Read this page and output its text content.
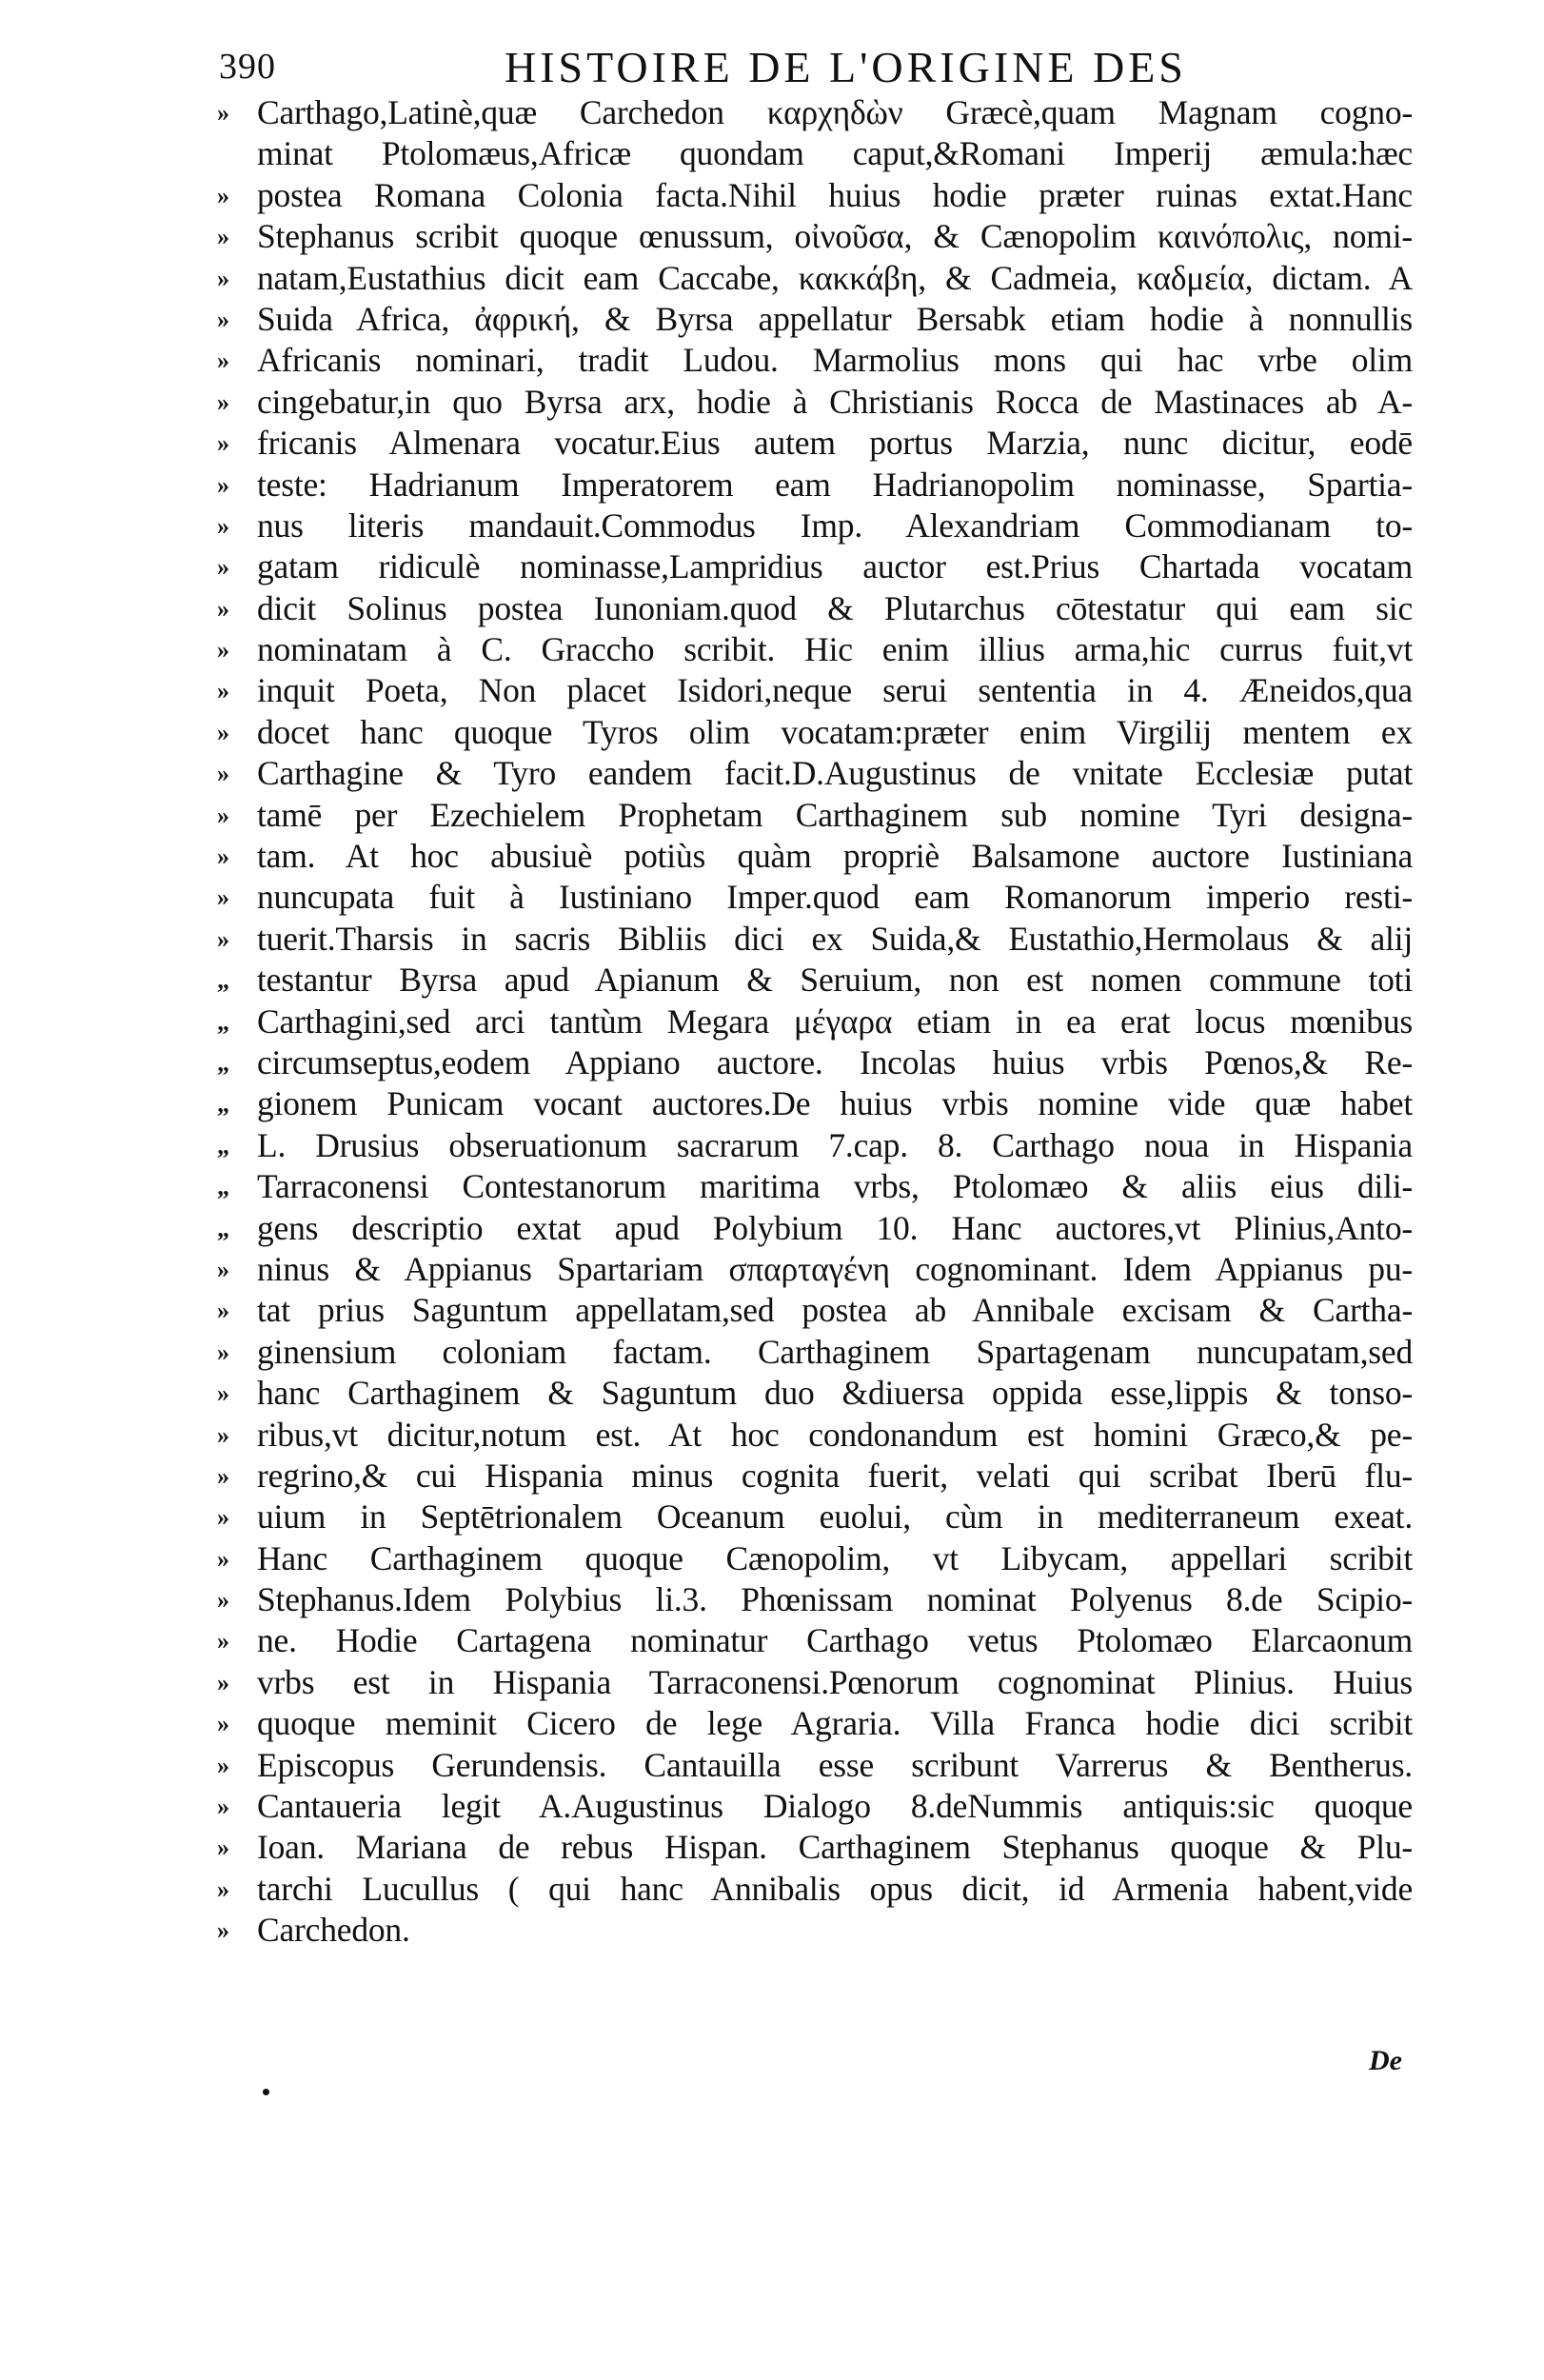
390	HISTOIRE DE L'ORIGINE DES
» Carthago,Latinè,quæ Carchedon καρχηδὼν Græcè,quam Magnam cogno-
minat Ptolomæus,Africæ quondam caput,&Romani Imperij æmula:hæc
» postea Romana Colonia facta.Nihil huius hodie præter ruinas extat.Hanc
» Stephanus scribit quoque œnussum, οἰνοῦσα, & Cænopolim καινόπολις, nomi-
» natam,Eustathius dicit eam Caccabe, κακκάβη, & Cadmeia, καδμεία, dictam. A
» Suida Africa, ἀφρική, & Byrsa appellatur Bersabk etiam hodie à nonnullis
» Africanis nominari, tradit Ludou. Marmolius mons qui hac vrbe olim
» cingebatur,in quo Byrsa arx, hodie à Christianis Rocca de Mastinaces ab A-
» fricanis Almenara vocatur.Eius autem portus Marzia, nunc dicitur, eodē
» teste: Hadrianum Imperatorem eam Hadrianopolim nominasse, Spartia-
» nus literis mandauit.Commodus Imp. Alexandriam Commodianam to-
» gatam ridiculè nominasse,Lampridius auctor est.Prius Chartada vocatam
» dicit Solinus postea Iunoniam.quod & Plutarchus cōtestatur qui eam sic
» nominatam à C. Graccho scribit. Hic enim illius arma,hic currus fuit,vt
» inquit Poeta, Non placet Isidori,neque serui sententia in 4. Æneidos,qua
» docet hanc quoque Tyros olim vocatam:præter enim Virgilij mentem ex
» Carthagine & Tyro eandem facit.D.Augustinus de vnitate Ecclesiæ putat
» tamē per Ezechielem Prophetam Carthaginem sub nomine Tyri designa-
» tam. At hoc abusiuè potiùs quàm propriè Balsamone auctore Iustiniana
» nuncupata fuit à Iustiniano Imper.quod eam Romanorum imperio resti-
» tuerit.Tharsis in sacris Bibliis dici ex Suida,& Eustathio,Hermolaus & alij
„ testantur Byrsa apud Apianum & Seruium, non est nomen commune toti
„ Carthagini,sed arci tantùm Megara μέγαρα etiam in ea erat locus mœnibus
„ circumseptus,eodem Appiano auctore. Incolas huius vrbis Pœnos,& Re-
„ gionem Punicam vocant auctores.De huius vrbis nomine vide quæ habet
„ L. Drusius obseruationum sacrarum 7.cap. 8. Carthago noua in Hispania
„ Tarraconensi Contestanorum maritima vrbs, Ptolomæo & aliis eius dili-
„ gens descriptio extat apud Polybium 10. Hanc auctores,vt Plinius,Anto-
» ninus & Appianus Spartariam σπαρταγένη cognominant. Idem Appianus pu-
» tat prius Saguntum appellatam,sed postea ab Annibale excisam & Cartha-
» ginensium coloniam factam. Carthaginem Spartagenam nuncupatam,sed
» hanc Carthaginem & Saguntum duo &diuersa oppida esse,lippis & tonso-
» ribus,vt dicitur,notum est. At hoc condonandum est homini Græco,& pe-
» regrino,& cui Hispania minus cognita fuerit, velati qui scribat Iberū flu-
» uium in Septētrionalem Oceanum euolui, cùm in mediterraneum exeat.
» Hanc Carthaginem quoque Cænopolim, vt Libycam, appellari scribit
» Stephanus.Idem Polybius li.3. Phœnissam nominat Polyenus 8.de Scipio-
» ne. Hodie Cartagena nominatur Carthago vetus Ptolomæo Elarcaonum
» vrbs est in Hispania Tarraconensi.Pœnorum cognominat Plinius. Huius
» quoque meminit Cicero de lege Agraria. Villa Franca hodie dici scribit
» Episcopus Gerundensis. Cantauilla esse scribunt Varrerus & Bentherus.
» Cantaueria legit A.Augustinus Dialogo 8.deNummis antiquis:sic quoque
» Ioan. Mariana de rebus Hispan. Carthaginem Stephanus quoque & Plu-
» tarchi Lucullus ( qui hanc Annibalis opus dicit, id Armenia habent,vide
» Carchedon.
De
